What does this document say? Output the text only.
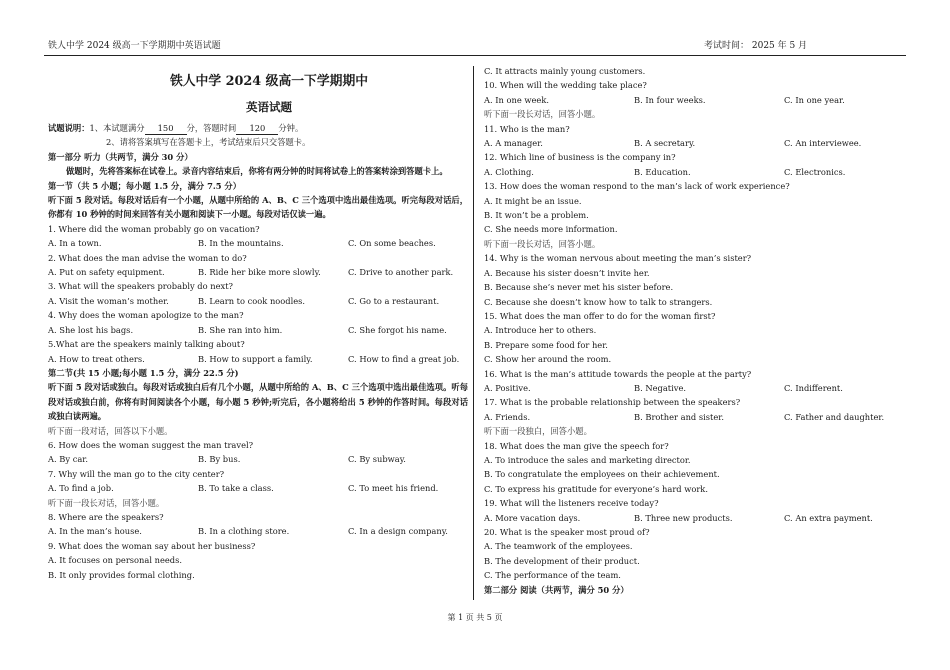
铁人中学 2024 级高一下学期期中英语试题	考试时间： 2025 年 5 月
铁人中学 2024 级高一下学期期中
英语试题
试题说明：1、本试题满分 150 分，答题时间 120 分钟。
2、请将答案填写在答题卡上，考试结束后只交答题卡。
第一部分 听力（共两节，满分 30 分）
做题时，先将答案标在试卷上。录音内容结束后，你将有两分钟的时间将试卷上的答案转涂到答题卡上。
第一节（共 5 小题；每小题 1.5 分，满分 7.5 分）
听下面 5 段对话。每段对话后有一个小题，从题中所给的 A、B、C 三个选项中选出最佳选项。听完每段对话后，你都有 10 秒钟的时间来回答有关小题和阅读下一小题。每段对话仅读一遍。
1. Where did the woman probably go on vacation?
A. In a town.	B. In the mountains.	C. On some beaches.
2. What does the man advise the woman to do?
A. Put on safety equipment.	B. Ride her bike more slowly.	C. Drive to another park.
3. What will the speakers probably do next?
A. Visit the woman’s mother.	B. Learn to cook noodles.	C. Go to a restaurant.
4. Why does the woman apologize to the man?
A. She lost his bags.	B. She ran into him.	C. She forgot his name.
5.What are the speakers mainly talking about?
A. How to treat others.	B. How to support a family.	C. How to find a great job.
第二节(共 15 小题;每小题 1.5 分，满分 22.5 分)
听下面 5 段对话或独白。每段对话或独白后有几个小题，从题中所给的 A、B、C 三个选项中选出最佳选项。听每段对话或独白前，你将有时间阅读各个小题，每小题 5 秒钟;听完后，各小题将给出 5 秒钟的作答时间。每段对话或独白读两遍。
听下面一段对话，回答以下小题。
6. How does the woman suggest the man travel?
A. By car.	B. By bus.	C. By subway.
7. Why will the man go to the city center?
A. To find a job.	B. To take a class.	C. To meet his friend.
听下面一段长对话，回答小题。
8. Where are the speakers?
A. In the man’s house.	B. In a clothing store.	C. In a design company.
9. What does the woman say about her business?
A. It focuses on personal needs.
B. It only provides formal clothing.
C. It attracts mainly young customers.
10. When will the wedding take place?
A. In one week.	B. In four weeks.	C. In one year.
听下面一段长对话，回答小题。
11. Who is the man?
A. A manager.	B. A secretary.	C. An interviewee.
12. Which line of business is the company in?
A. Clothing.	B. Education.	C. Electronics.
13. How does the woman respond to the man’s lack of work experience?
A. It might be an issue.
B. It won’t be a problem.
C. She needs more information.
听下面一段长对话，回答小题。
14. Why is the woman nervous about meeting the man’s sister?
A. Because his sister doesn’t invite her.
B. Because she’s never met his sister before.
C. Because she doesn’t know how to talk to strangers.
15. What does the man offer to do for the woman first?
A. Introduce her to others.
B. Prepare some food for her.
C. Show her around the room.
16. What is the man’s attitude towards the people at the party?
A. Positive.	B. Negative.	C. Indifferent.
17. What is the probable relationship between the speakers?
A. Friends.	B. Brother and sister.	C. Father and daughter.
听下面一段独白，回答小题。
18. What does the man give the speech for?
A. To introduce the sales and marketing director.
B. To congratulate the employees on their achievement.
C. To express his gratitude for everyone’s hard work.
19. What will the listeners receive today?
A. More vacation days.	B. Three new products.	C. An extra payment.
20. What is the speaker most proud of?
A. The teamwork of the employees.
B. The development of their product.
C. The performance of the team.
第二部分 阅读（共两节，满分 50 分）
第 1 页 共 5 页
